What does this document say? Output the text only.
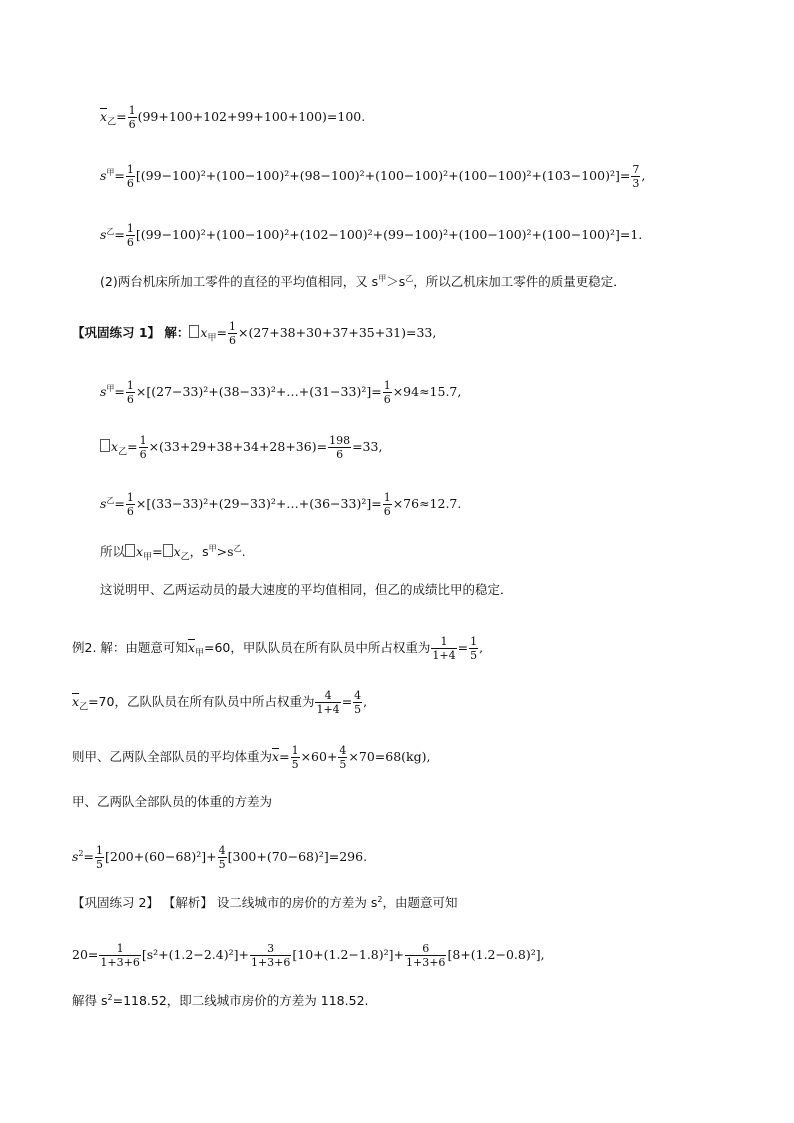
$\overline{x}_乙= \frac{1}{6} (99+100+102+99+100+100)=100$.
$s^甲= \frac{1}{6} [(99-100)^2+(100-100)^2+(98-100)^2+(100-100)^2+(100-100)^2+(103-100)^2]= \frac{7}{3}$ ,
$s^乙= \frac{1}{6} [(99-100)^2+(100-100)^2+(102-100)^2+(99-100)^2+(100-100)^2+(100-100)^2]=1$.
(2)两台机床所加工零件的直径的平均值相同，又 $s^甲>s^乙$，所以乙机床加工零件的质量更稳定．
【巩固练习 1】 解： $x_甲= \frac{1}{6} \times(27+38+30+37+35+31)=33$,
$s^甲= \frac{1}{6}$ ×[(27−33)²+(38−33)²+…+(31−33)²]= $\frac{1}{6} \times 94\approx 15.7$,
$x_乙= \frac{1}{6} \times(33+29+38+34+28+36)= \frac{198}{6} =33$,
$s^乙= \frac{1}{6}$ ×[(33−33)²+(29−33)²+…+(36−33)²]= $\frac{1}{6} \times 76\approx 12.7$.
所以 $x_甲= x_乙$，$s^甲>s^乙$.
这说明甲、乙两运动员的最大速度的平均值相同，但乙的成绩比甲的稳定．
例2. 解：由题意可知$\overline{x}_甲=60$，甲队队员在所有队员中所占权重为 $\frac{1}{1+4} = \frac{1}{5}$ ,
$\overline{x}_乙=70$，乙队队员在所有队员中所占权重为 $\frac{4}{1+4} = \frac{4}{5}$ ,
则甲、乙两队全部队员的平均体重为$\overline{x}= \frac{1}{5} \times 60+ \frac{4}{5} \times 70=68(kg)$,
甲、乙两队全部队员的体重的方差为
$s^2= \frac{1}{5} [200+(60-68)^2]+ \frac{4}{5} [300+(70-68)^2]=296$.
【巩固练习 2】 【解析】 设二线城市的房价的方差为 $s^2$，由题意可知
$20= \frac{1}{1+3+6} [s^2+(1.2-2.4)^2]+ \frac{3}{1+3+6} [10+(1.2-1.8)^2]+ \frac{6}{1+3+6} [8+(1.2-0.8)^2]$,
解得 $s^2=118.52$，即二线城市房价的方差为 118.52.
